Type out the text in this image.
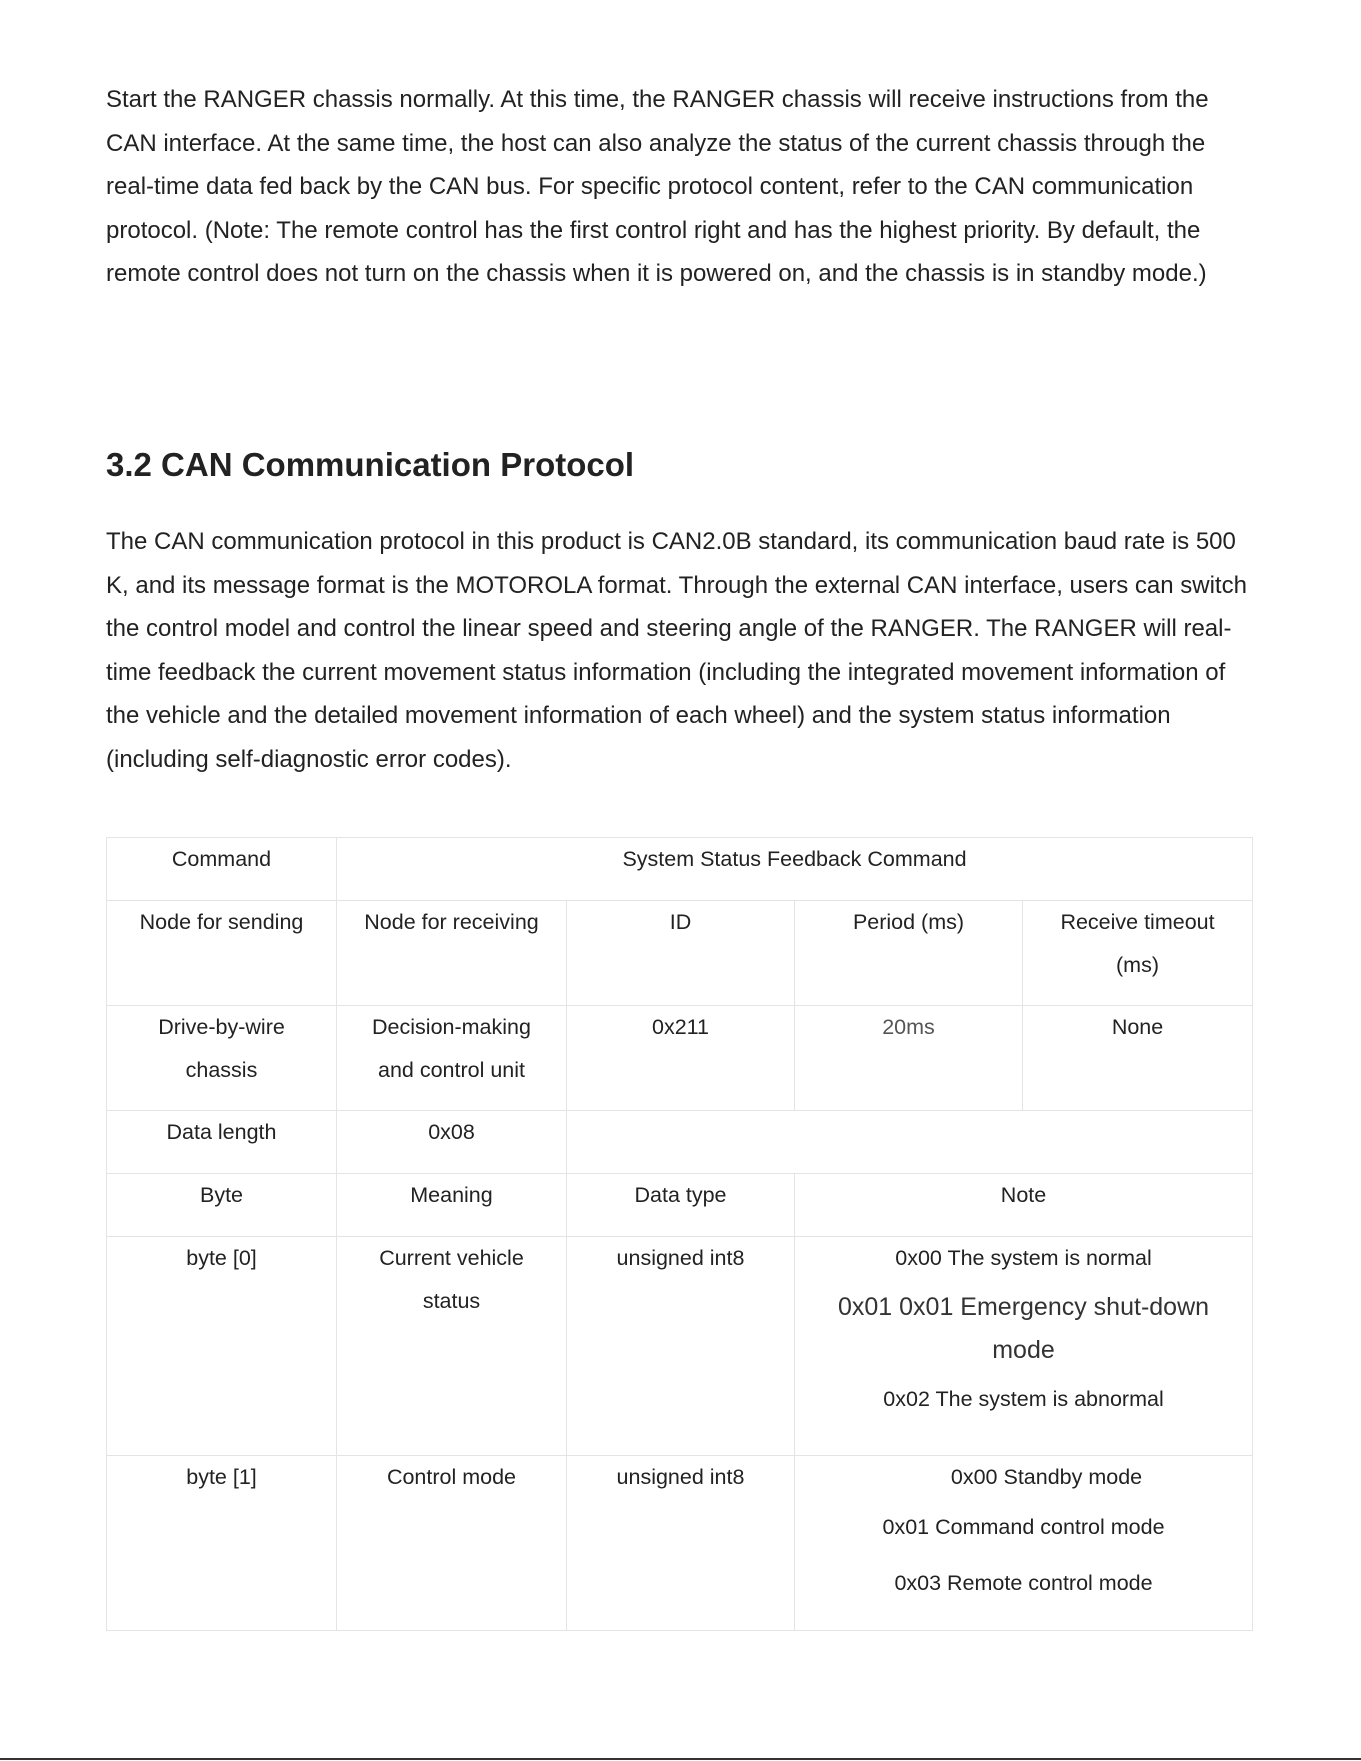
Start the RANGER chassis normally. At this time, the RANGER chassis will receive instructions from the CAN interface. At the same time, the host can also analyze the status of the current chassis through the real-time data fed back by the CAN bus. For specific protocol content, refer to the CAN communication protocol. (Note: The remote control has the first control right and has the highest priority. By default, the remote control does not turn on the chassis when it is powered on, and the chassis is in standby mode.)

3.2 CAN Communication Protocol

The CAN communication protocol in this product is CAN2.0B standard, its communication baud rate is 500 K, and its message format is the MOTOROLA format. Through the external CAN interface, users can switch the control model and control the linear speed and steering angle of the RANGER. The RANGER will real-time feedback the current movement status information (including the integrated movement information of the vehicle and the detailed movement information of each wheel) and the system status information (including self-diagnostic error codes).

Command	System Status Feedback Command			
Node for sending	Node for receiving	ID	Period (ms)	Receive timeout (ms)
Drive-by-wire chassis	Decision-making and control unit	0x211	20ms	None
Data length	0x08			
Byte	Meaning	Data type	Note	
byte [0]	Current vehicle status	unsigned int8	0x00 The system is normal
0x01 0x01 Emergency shut-down mode
0x02 The system is abnormal	

byte [1]	Control mode	unsigned int8	0x00 Standby mode
0x01 Command control mode
0x03 Remote control mode	
